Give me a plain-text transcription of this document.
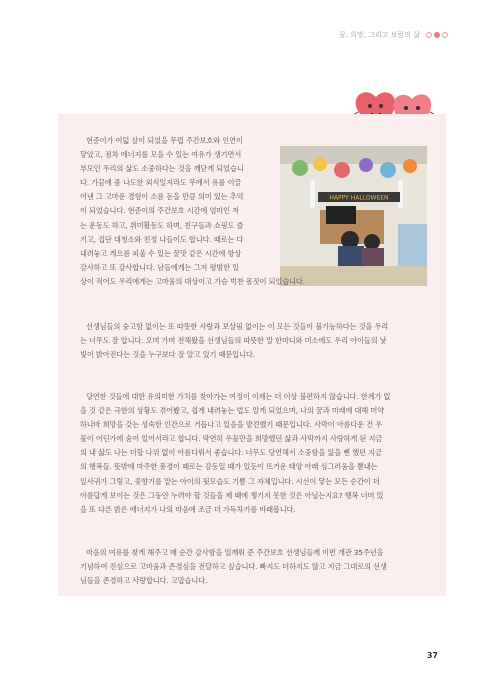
꿈, 희망, 그리고 보람의 삶
HAPPY HALLOWEEN
현준이가 여덟 살이 되었을 무렵 주간보호와 인연이
닿았고, 점차 에너지를 모을 수 있는 여유가 생기면서
부모인 우리의 삶도 소중하다는 것을 깨닫게 되었습니
다. 가끔에 좀 나도한 외식일지라도 무에서 유를 이끌
어낸 그 고마운 경험이 소름 돋을 만큼 의미 있는 추억
이 되었습니다. 현준이의 주간보호 시간에 엄마인 저
는 운동도 하고, 취미활동도 하며, 친구들과 쇼핑도 즐
기고, 집단 대청소와 친정 나들이도 합니다. 때로는 다
내려놓고 게으름 피울 수 있는 꿀맛 같은 시간에 항상
감사하고 또 감사합니다. 남들에게는 그저 평범한 일
상이 적어도 우리에게는 고마움의 대상이고 가슴 벅찬 몸짓이 되었습니다.
선생님들의 숭고함 없이는 또 따뜻한 사랑과 보살핌 없이는 이 모든 것들이 불가능하다는 것을 우리
는 너무도 잘 압니다. 오며 가며 전해왔을 선생님들의 따뜻한 말 한마디와 미소에도 우리 아이들의 낯
빛이 밝아진다는 것을 누구보다 잘 알고 있기 때문입니다.
당연한 것들에 대한 유의미한 가치를 찾아가는 여정이 이제는 더 이상 불편하지 않습니다. 한계가 없
을 것 같은 극한의 상황도 겪어봤고, 쉽게 내려놓는 법도 알게 되었으며, 나의 꿈과 미래에 대해 미약
하나마 희망을 갖는 성숙한 인간으로 거듭나고 있음을 발견했기 때문입니다. 사막이 아름다운 건 우
물이 어딘가에 숨어 있어서라고 합니다. 막연히 우물만을 희망했던 삶과 사막까지 사랑하게 된 지금
의 내 삶도 나는 더할 나위 없이 아름다워서 좋습니다. 너무도 당연해서 소중함을 잃을 뻔 했던 지금
의 행복들. 뜻밖에 마주한 풍경이 때로는 감동일 때가 있듯이 뜨거운 태양 아래 싱그러움을 뽐내는
잎사귀가 그렇고, 꽃향기를 맡는 아이의 뒷모습도 기쁨 그 자체입니다. 시선이 닿는 모든 순간이 더
아름답게 보이는 것은 그동안 누려야 할 것들을 제 때에 챙기지 못한 것은 아닐는지요? 행복 너머 있
을 또 다른 밝은 에너지가 나의 마음에 조금 더 가득차기를 바래봅니다.
마음의 여유를 찾게 해주고 매 순간 감사함을 일깨워 준 주간보호 선생님들께 이번 개관 35주년을
기념하여 진심으로 고마움과 존경심을 전달하고 싶습니다. 빠지도 더하지도 않고 지금 그대로의 선생
님들을 존경하고 사랑합니다. 고맙습니다.
37
